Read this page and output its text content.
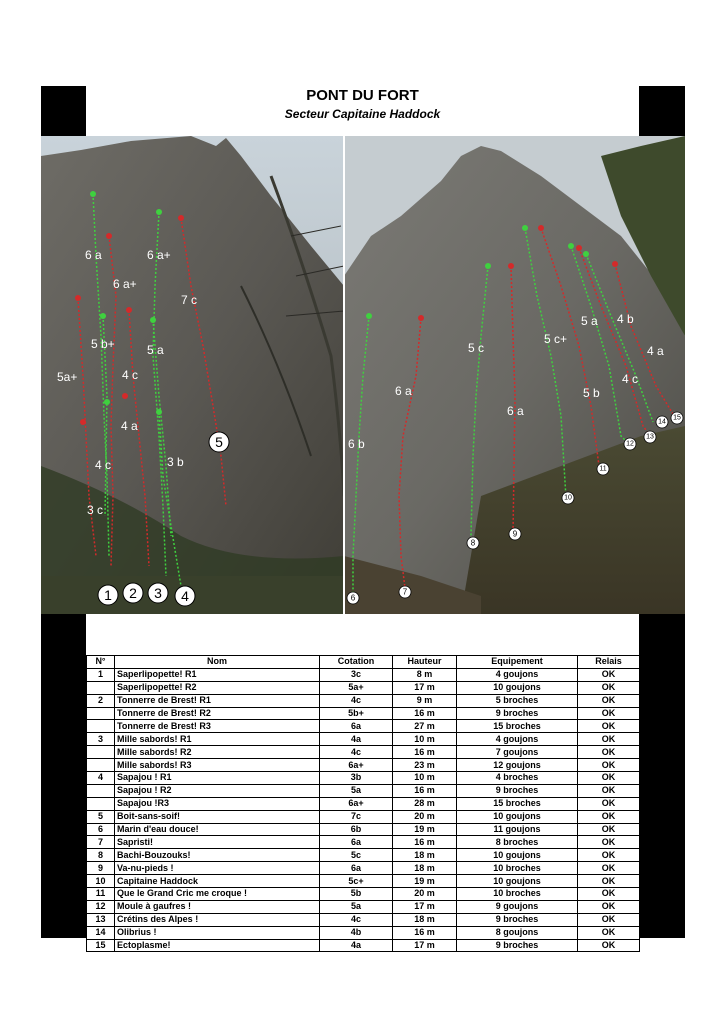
PONT DU FORT
Secteur Capitaine Haddock
6 a
6 a+
6 a+
7 c
5 b+	5 a
5a+	4 c
4 a
4 c	3 b
3 c
5 c
5 c+
5 a 4 b
4 a
6 a	5 b
4 c
6 a
6 b
1 2 3 4
5
6
7
8
9
10
11
12
13
14
15
N°	Nom	Cotation	Hauteur	Equipement	Relais
1	Saperlipopette! R1	3c	8 m	4 goujons	OK
	Saperlipopette! R2	5a+	17 m	10 goujons	OK
2	Tonnerre de Brest! R1	4c	9 m	5 broches	OK
	Tonnerre de Brest! R2	5b+	16 m	9 broches	OK
	Tonnerre de Brest! R3	6a	27 m	15 broches	OK
3	Mille sabords! R1	4a	10 m	4 goujons	OK
	Mille sabords! R2	4c	16 m	7 goujons	OK
	Mille sabords! R3	6a+	23 m	12 goujons	OK
4	Sapajou ! R1	3b	10 m	4 broches	OK
	Sapajou ! R2	5a	16 m	9 broches	OK
	Sapajou !R3	6a+	28 m	15 broches	OK
5	Boit-sans-soif!	7c	20 m	10 goujons	OK
6	Marin d'eau douce!	6b	19 m	11 goujons	OK
7	Sapristi!	6a	16 m	8 broches	OK
8	Bachi-Bouzouks!	5c	18 m	10 goujons	OK
9	Va-nu-pieds !	6a	18 m	10 broches	OK
10	Capitaine Haddock	5c+	19 m	10 goujons	OK
11	Que le Grand Cric me croque !	5b	20 m	10 broches	OK
12	Moule à gaufres !	5a	17 m	9 goujons	OK
13	Crétins des Alpes !	4c	18 m	9 broches	OK
14	Olibrius !	4b	16 m	8 goujons	OK
15	Ectoplasme!	4a	17 m	9 broches	OK
